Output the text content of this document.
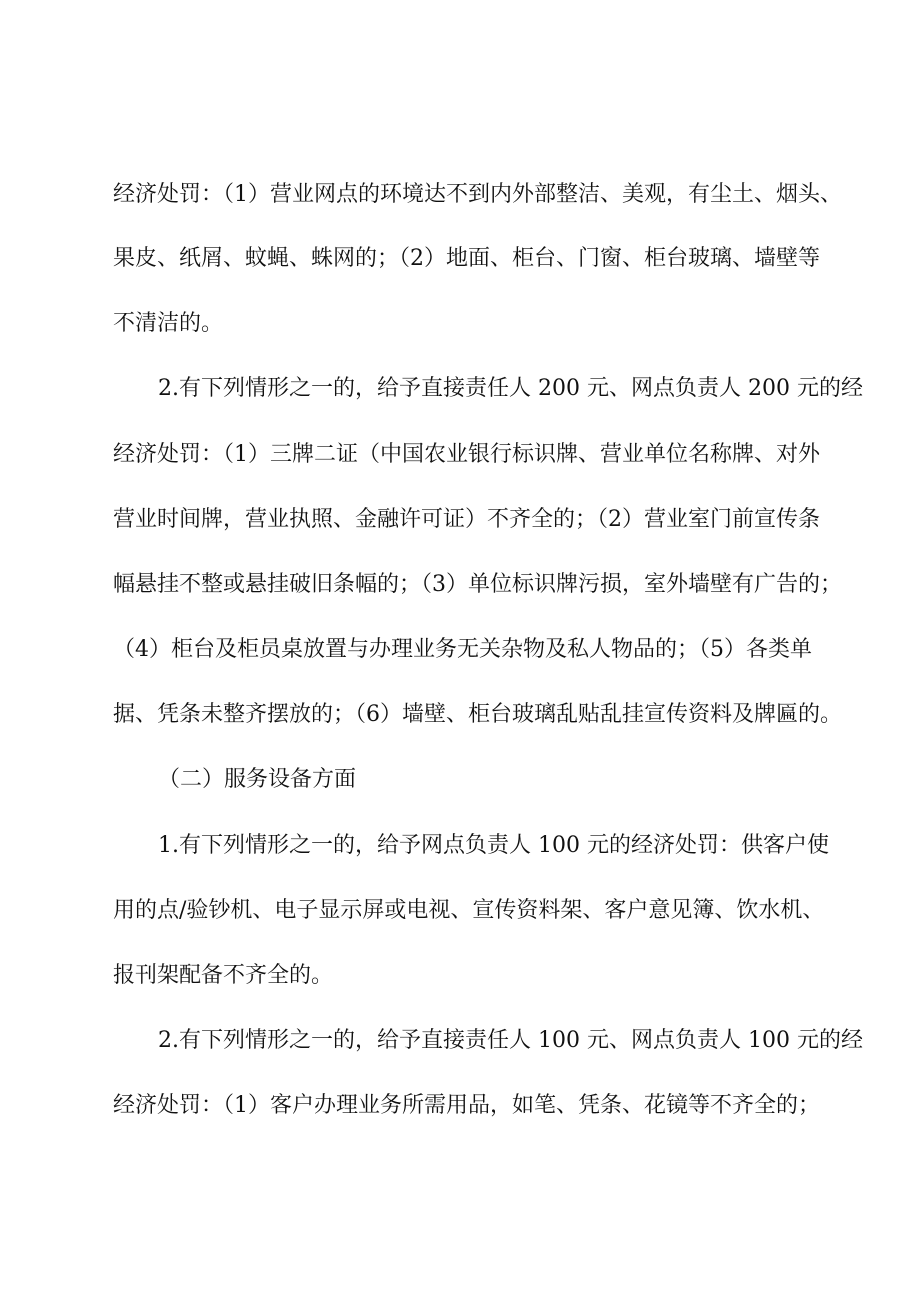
经济处罚：（1）营业网点的环境达不到内外部整洁、美观，有尘土、烟头、
果皮、纸屑、蚊蝇、蛛网的；（2）地面、柜台、门窗、柜台玻璃、墙壁等
不清洁的。
2.有下列情形之一的，给予直接责任人 200 元、网点负责人 200 元的经
经济处罚：（1）三牌二证（中国农业银行标识牌、营业单位名称牌、对外
营业时间牌，营业执照、金融许可证）不齐全的；（2）营业室门前宣传条
幅悬挂不整或悬挂破旧条幅的；（3）单位标识牌污损，室外墙壁有广告的；
（4）柜台及柜员桌放置与办理业务无关杂物及私人物品的；（5）各类单
据、凭条未整齐摆放的；（6）墙壁、柜台玻璃乱贴乱挂宣传资料及牌匾的。
（二）服务设备方面
1.有下列情形之一的，给予网点负责人 100 元的经济处罚：供客户使
用的点/验钞机、电子显示屏或电视、宣传资料架、客户意见簿、饮水机、
报刊架配备不齐全的。
2.有下列情形之一的，给予直接责任人 100 元、网点负责人 100 元的经
经济处罚：（1）客户办理业务所需用品，如笔、凭条、花镜等不齐全的；
